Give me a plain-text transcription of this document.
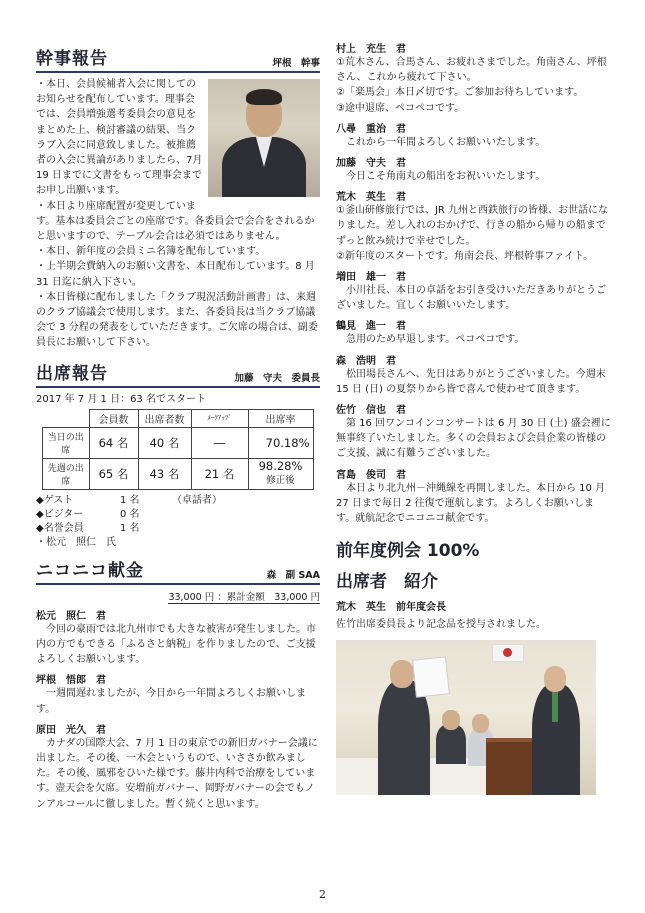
幹事報告	坪根　幹事

・本日、会員候補者入会に関してのお知らせを配布しています。理事会では、会員増強選考委員会の意見をまとめた上、検討審議の結果、当クラブ入会に同意致しました。被推薦者の入会に異論がありましたら、7月19 日までに文書をもって理事会までお申し出願います。

・本日より座席配置が変更しています。基本は委員会ごとの座席です。各委員会で会合をされるかと思いますので、テーブル会合は必須ではありません。

・本日、新年度の会員ミニ名簿を配布しています。

・上半期会費納入のお願い文書を、本日配布しています。8 月 31 日迄に納入下さい。

・本日皆様に配布しました「クラブ現況活動計画書」は、来週のクラブ協議会で使用します。また、各委員長は当クラブ協議会で 3 分程の発表をしていただきます。ご欠席の場合は、副委員長にお願いして下さい。

出席報告	加藤　守夫　委員長
2017 年 7 月 1 日：63 名でスタート
	会員数	出席者数	ﾒｰｸｱｯﾌﾟ	出席率
当日の出席	64 名	40 名	―	70.18%
先週の出席	65 名	43 名	21 名	98.28%
修正後
◆ゲスト	1 名	（卓話者）
◆ビジター	0 名
◆名誉会員	1 名
・松元　照仁　氏
ニコニコ献金	森　副 SAA
33,000 円 ：累計金額　33,000 円
松元　照仁　君
今回の豪雨では北九州市でも大きな被害が発生しました。市内の方でもできる「ふるさと納税」を作りましたので、ご支援よろしくお願いします。
坪根　悟郎　君
一週間遅れましたが、今日から一年間よろしくお願いします。
原田　光久　君
カナダの国際大会、7 月 1 日の東京での新旧ガバナー会議に出ました。その後、一木会というもので、いささか飲みました。その後、風邪をひいた様です。藤井内科で治療をしています。壺天会を欠席。安増前ガバナー、岡野ガバナーの会でもノンアルコールに徹しました。暫く続くと思います。
村上　充生　君
①荒木さん、合馬さん、お疲れさまでした。角南さん、坪根さん、これから疲れて下さい。
②「楽馬会」本日〆切です。ご参加お待ちしています。
③途中退席、ペコペコです。
八尋　重治　君
これから一年間よろしくお願いいたします。
加藤　守夫　君
今日こそ角南丸の船出をお祝いいたします。
荒木　英生　君
①釜山研修旅行では、JR 九州と西鉄旅行の皆様、お世話になりました。差し入れのおかげで、行きの船から帰りの船までずっと飲み続けで幸せでした。
②新年度のスタートです。角南会長、坪根幹事ファイト。
増田　雄一　君
小川社長、本日の卓話をお引き受けいただきありがとうございました。宜しくお願いいたします。
鶴見　進一　君
急用のため早退します。ペコペコです。
森　浩明　君
松田場長さんへ、先日はありがとうございました。今週末 15 日 (日) の夏祭りから皆で喜んで使わせて頂きます。
佐竹　信也　君
第 16 回ワンコインコンサートは 6 月 30 日 (土) 盛会裡に無事終了いたしました。多くの会員および会員企業の皆様のご支援、誠に有難うございました。
宮島　俊司　君
本日より北九州－沖縄線を再開しました。本日から 10 月 27 日まで毎日 2 往復で運航します。よろしくお願いします。就航記念でニコニコ献金です。
前年度例会 100%
出席者　紹介
荒木　英生　前年度会長
佐竹出席委員長より記念品を授与されました。
2
